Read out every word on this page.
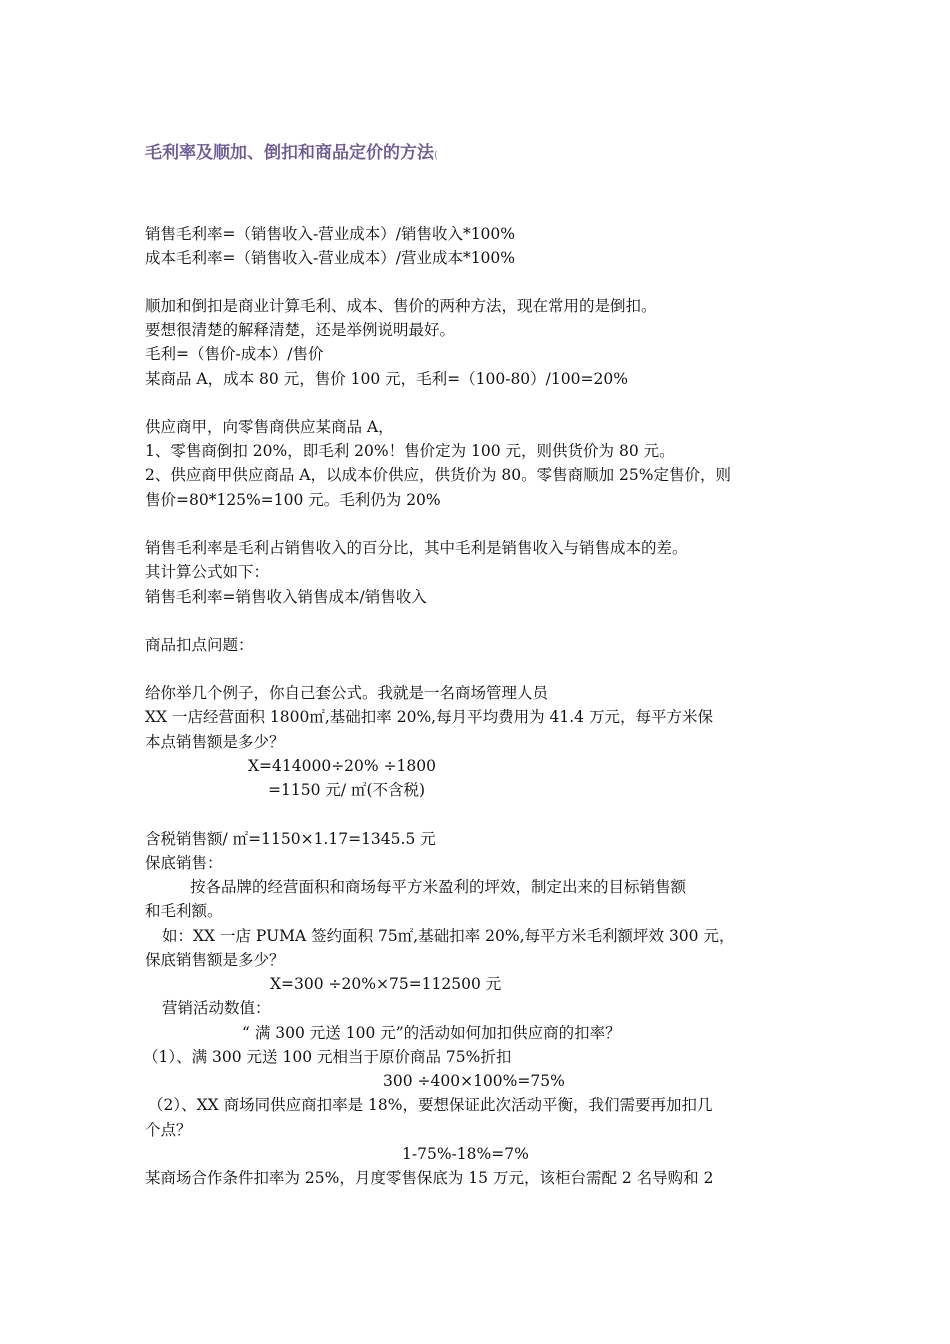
毛利率及顺加、倒扣和商品定价的方法(
销售毛利率=（销售收入-营业成本）/销售收入*100%
成本毛利率=（销售收入-营业成本）/营业成本*100%
顺加和倒扣是商业计算毛利、成本、售价的两种方法，现在常用的是倒扣。
要想很清楚的解释清楚，还是举例说明最好。
毛利=（售价-成本）/售价
某商品 A，成本 80 元，售价 100 元，毛利=（100-80）/100=20%
供应商甲，向零售商供应某商品 A，
1、零售商倒扣 20%，即毛利 20%！售价定为 100 元，则供货价为 80 元。
2、供应商甲供应商品 A，以成本价供应，供货价为 80。零售商顺加 25%定售价，则
售价=80*125%=100 元。毛利仍为 20%
销售毛利率是毛利占销售收入的百分比，其中毛利是销售收入与销售成本的差。
其计算公式如下：
销售毛利率=销售收入销售成本/销售收入
商品扣点问题：
给你举几个例子，你自己套公式。我就是一名商场管理人员
XX 一店经营面积 1800㎡,基础扣率 20%,每月平均费用为 41.4 万元，每平方米保
本点销售额是多少？
X=414000÷20% ÷1800
=1150 元/ ㎡(不含税)
含税销售额/ ㎡=1150×1.17=1345.5 元
保底销售：
按各品牌的经营面积和商场每平方米盈利的坪效，制定出来的目标销售额
和毛利额。
如：XX 一店 PUMA 签约面积 75㎡,基础扣率 20%,每平方米毛利额坪效 300 元，
保底销售额是多少？
X=300 ÷20%×75=112500 元
营销活动数值：
“ 满 300 元送 100 元”的活动如何加扣供应商的扣率？
（1）、满 300 元送 100 元相当于原价商品 75%折扣
300 ÷400×100%=75%
（2）、XX 商场同供应商扣率是 18%，要想保证此次活动平衡，我们需要再加扣几
个点？
1-75%-18%=7%
某商场合作条件扣率为 25%，月度零售保底为 15 万元，该柜台需配 2 名导购和 2
